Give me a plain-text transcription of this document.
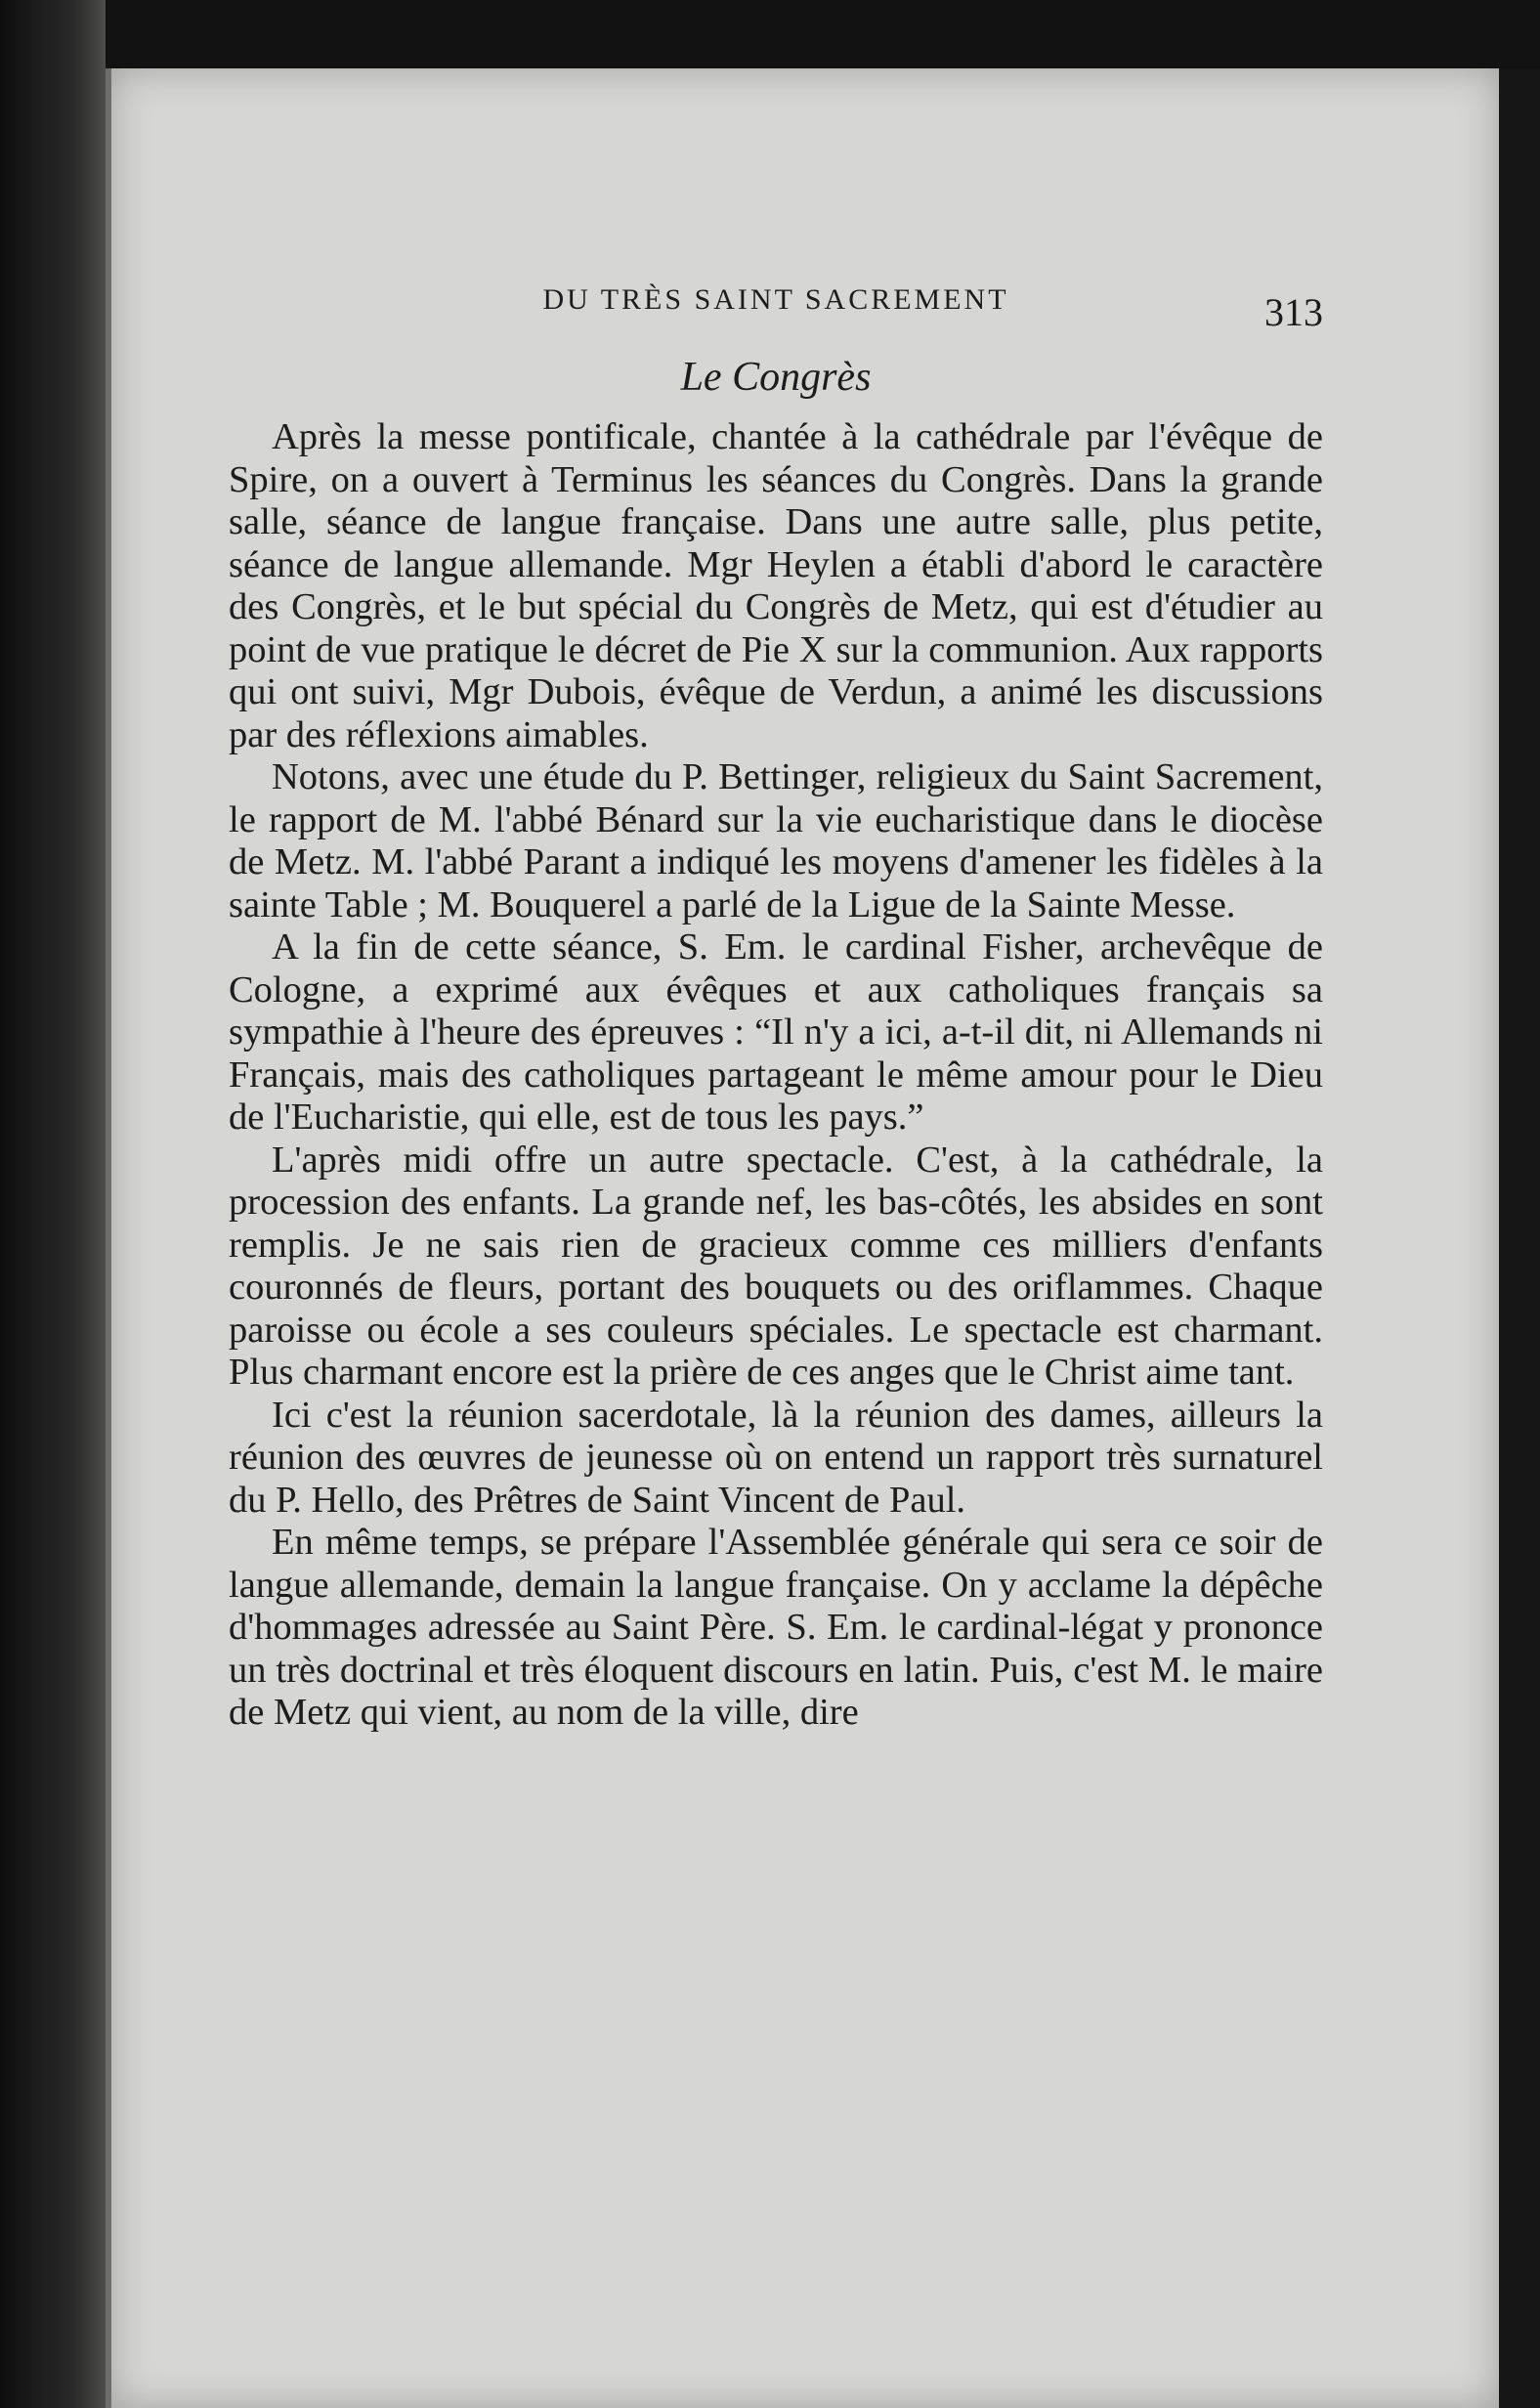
DU TRÈS SAINT SACREMENT	313
Le Congrès

Après la messe pontificale, chantée à la cathédrale par l'évêque de Spire, on a ouvert à Terminus les séances du Congrès. Dans la grande salle, séance de langue française. Dans une autre salle, plus petite, séance de langue allemande. Mgr Heylen a établi d'abord le caractère des Congrès, et le but spécial du Congrès de Metz, qui est d'étudier au point de vue pratique le décret de Pie X sur la communion. Aux rapports qui ont suivi, Mgr Dubois, évêque de Verdun, a animé les discussions par des réflexions aimables.

Notons, avec une étude du P. Bettinger, religieux du Saint Sacrement, le rapport de M. l'abbé Bénard sur la vie eucharistique dans le diocèse de Metz. M. l'abbé Parant a indiqué les moyens d'amener les fidèles à la sainte Table ; M. Bouquerel a parlé de la Ligue de la Sainte Messe.

A la fin de cette séance, S. Em. le cardinal Fisher, archevêque de Cologne, a exprimé aux évêques et aux catholiques français sa sympathie à l'heure des épreuves : “Il n'y a ici, a-t-il dit, ni Allemands ni Français, mais des catholiques partageant le même amour pour le Dieu de l'Eucharistie, qui elle, est de tous les pays.”

L'après midi offre un autre spectacle. C'est, à la cathédrale, la procession des enfants. La grande nef, les bas-côtés, les absides en sont remplis. Je ne sais rien de gracieux comme ces milliers d'enfants couronnés de fleurs, portant des bouquets ou des oriflammes. Chaque paroisse ou école a ses couleurs spéciales. Le spectacle est charmant. Plus charmant encore est la prière de ces anges que le Christ aime tant.

Ici c'est la réunion sacerdotale, là la réunion des dames, ailleurs la réunion des œuvres de jeunesse où on entend un rapport très surnaturel du P. Hello, des Prêtres de Saint Vincent de Paul.

En même temps, se prépare l'Assemblée générale qui sera ce soir de langue allemande, demain la langue française. On y acclame la dépêche d'hommages adressée au Saint Père. S. Em. le cardinal-légat y prononce un très doctrinal et très éloquent discours en latin. Puis, c'est M. le maire de Metz qui vient, au nom de la ville, dire
